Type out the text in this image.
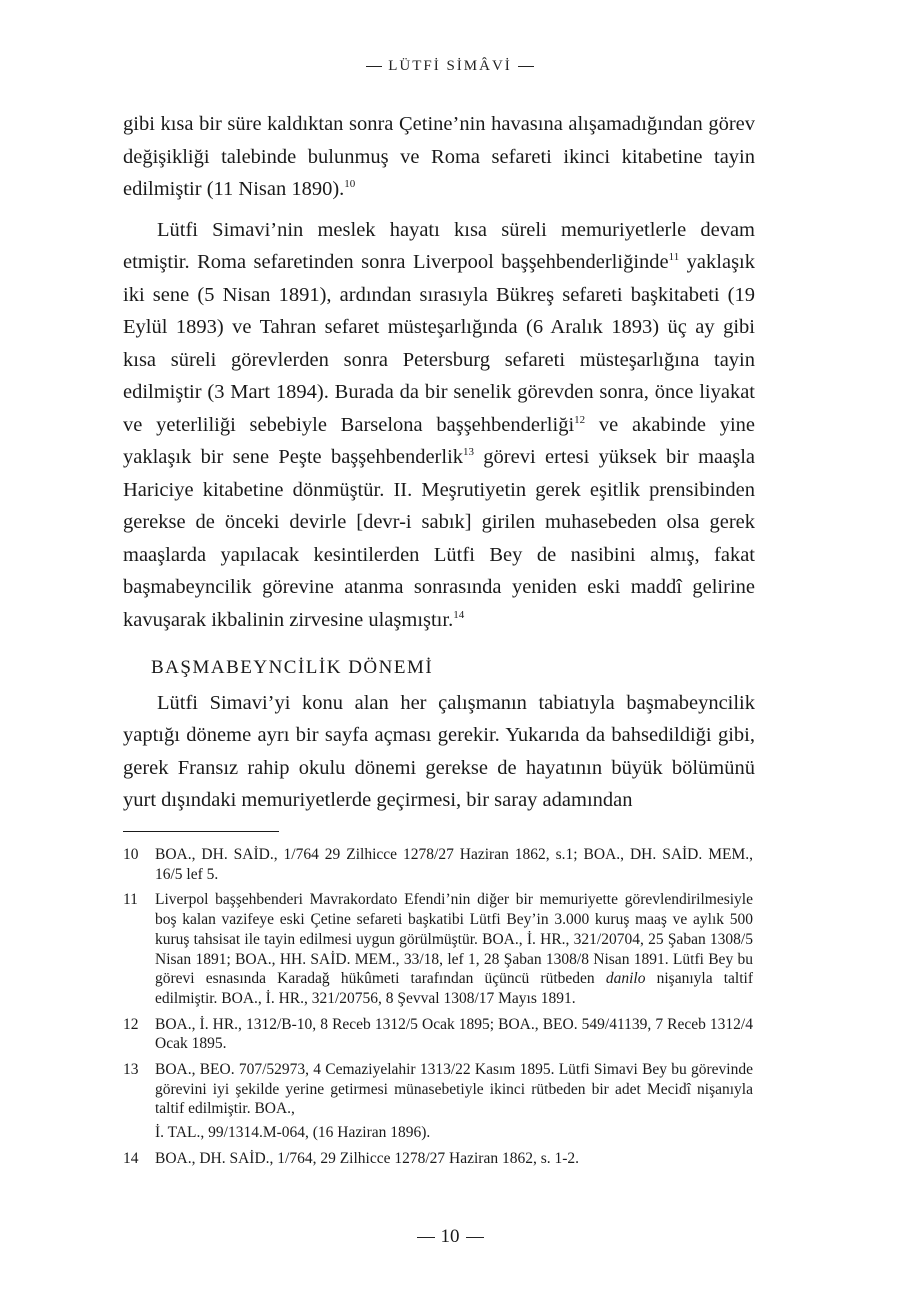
LÜTFİ SİMÂVİ

gibi kısa bir süre kaldıktan sonra Çetine’nin havasına alışamadığından görev değişikliği talebinde bulunmuş ve Roma sefareti ikinci kitabetine tayin edilmiştir (11 Nisan 1890).$^{10}$

Lütfi Simavi’nin meslek hayatı kısa süreli memuriyetlerle devam etmiştir. Roma sefaretinden sonra Liverpool başşehbenderliğinde$^{11}$ yaklaşık iki sene (5 Nisan 1891), ardından sırasıyla Bükreş sefareti başkitabeti (19 Eylül 1893) ve Tahran sefaret müsteşarlığında (6 Aralık 1893) üç ay gibi kısa süreli görevlerden sonra Petersburg sefareti müsteşarlığına tayin edilmiştir (3 Mart 1894). Burada da bir senelik görevden sonra, önce liyakat ve yeterliliği sebebiyle Barselona başşehbenderliği$^{12}$ ve akabinde yine yaklaşık bir sene Peşte başşehbenderlik$^{13}$ görevi ertesi yüksek bir maaşla Hariciye kitabetine dönmüştür. II. Meşrutiyetin gerek eşitlik prensibinden gerekse de önceki devirle [devr-i sabık] girilen muhasebeden olsa gerek maaşlarda yapılacak kesintilerden Lütfi Bey de nasibini almış, fakat başmabeyncilik görevine atanma sonrasında yeniden eski maddî gelirine kavuşarak ikbalinin zirvesine ulaşmıştır.$^{14}$

BAŞMABEYNCİLİK DÖNEMİ

Lütfi Simavi’yi konu alan her çalışmanın tabiatıyla başmabeyncilik yaptığı döneme ayrı bir sayfa açması gerekir. Yukarıda da bahsedildiği gibi, gerek Fransız rahip okulu dönemi gerekse de hayatının büyük bölümünü yurt dışındaki memuriyetlerde geçirmesi, bir saray adamından

10	BOA., DH. SAİD., 1/764 29 Zilhicce 1278/27 Haziran 1862, s.1; BOA., DH. SAİD. MEM., 16/5 lef 5.
11	Liverpol başşehbenderi Mavrakordato Efendi’nin diğer bir memuriyette görevlendirilmesiyle boş kalan vazifeye eski Çetine sefareti başkatibi Lütfi Bey’in 3.000 kuruş maaş ve aylık 500 kuruş tahsisat ile tayin edilmesi uygun görülmüştür. BOA., İ. HR., 321/20704, 25 Şaban 1308/5 Nisan 1891; BOA., HH. SAİD. MEM., 33/18, lef 1, 28 Şaban 1308/8 Nisan 1891. Lütfi Bey bu görevi esnasında Karadağ hükûmeti tarafından üçüncü rütbeden danilo nişanıyla taltif edilmiştir. BOA., İ. HR., 321/20756, 8 Şevval 1308/17 Mayıs 1891.
12	BOA., İ. HR., 1312/B-10, 8 Receb 1312/5 Ocak 1895; BOA., BEO. 549/41139, 7 Receb 1312/4 Ocak 1895.
13	BOA., BEO. 707/52973, 4 Cemaziyelahir 1313/22 Kasım 1895. Lütfi Simavi Bey bu görevinde görevini iyi şekilde yerine getirmesi münasebetiyle ikinci rütbeden bir adet Mecidî nişanıyla taltif edilmiştir. BOA.,
İ. TAL., 99/1314.M-064, (16 Haziran 1896).
14	BOA., DH. SAİD., 1/764, 29 Zilhicce 1278/27 Haziran 1862, s. 1-2.
10
